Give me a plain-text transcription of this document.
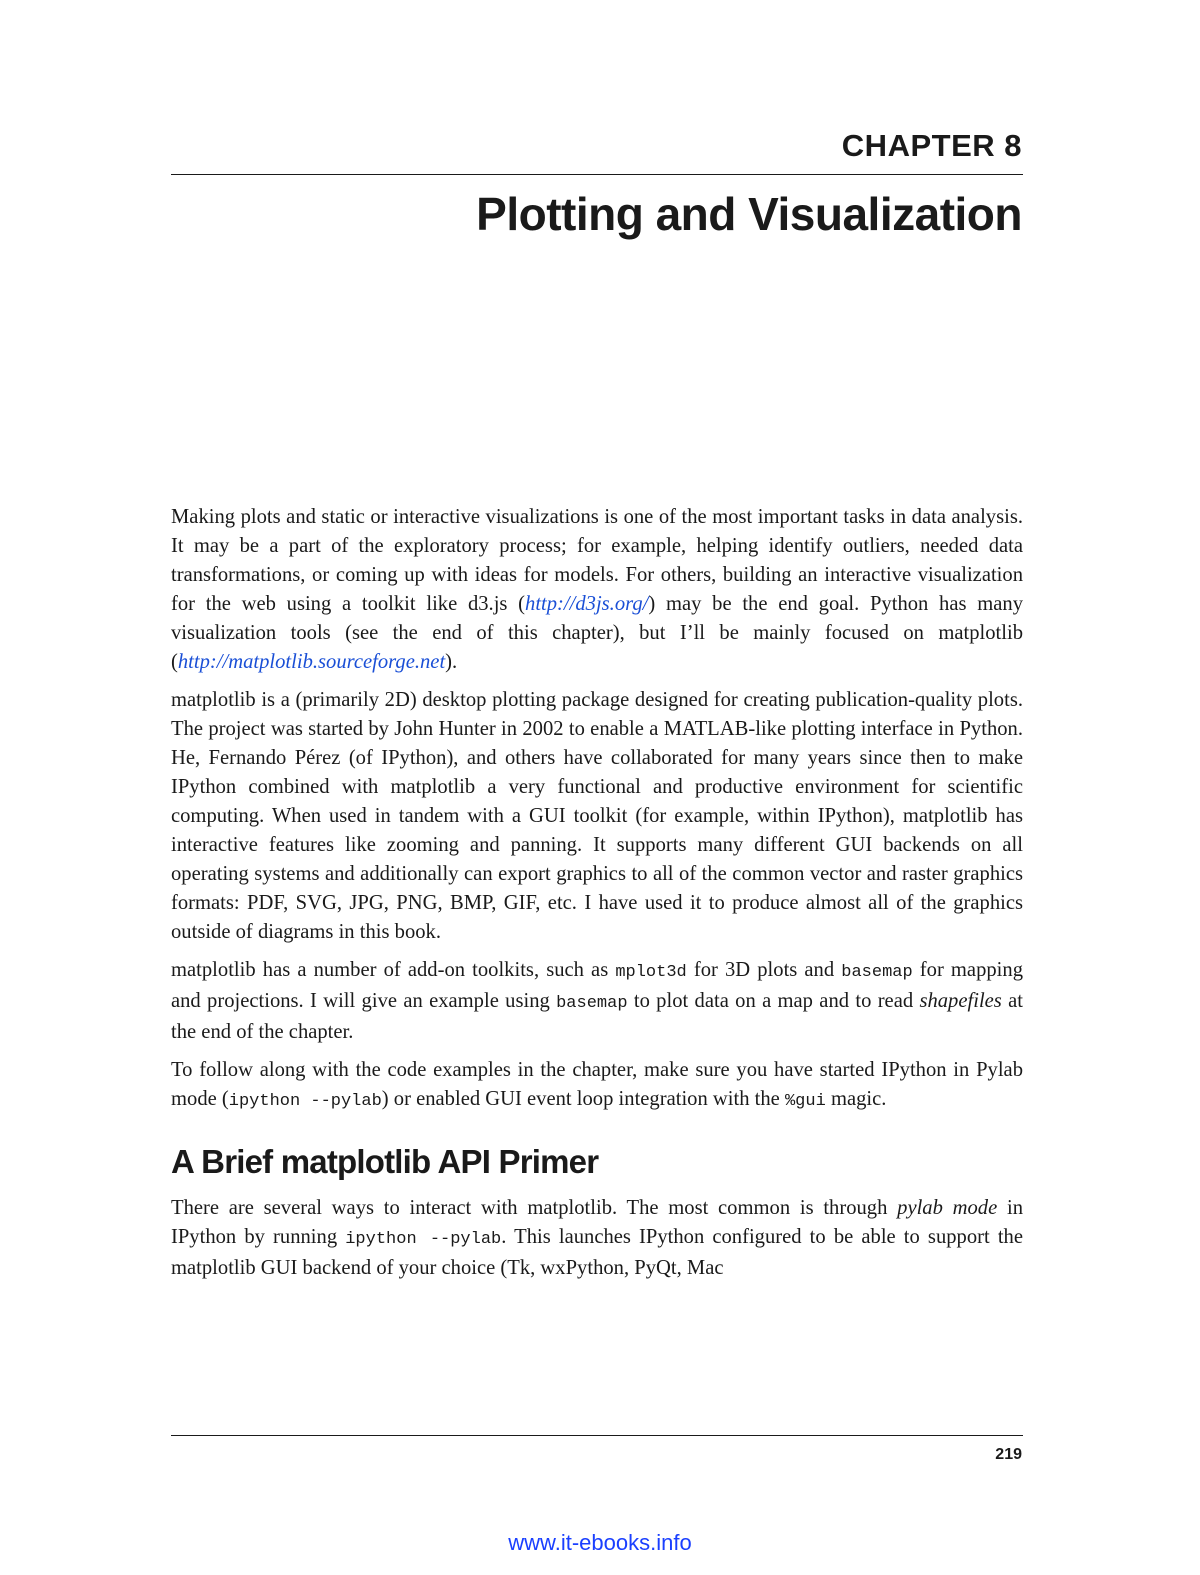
CHAPTER 8
Plotting and Visualization

Making plots and static or interactive visualizations is one of the most important tasks in data analysis. It may be a part of the exploratory process; for example, helping identify outliers, needed data transformations, or coming up with ideas for models. For others, building an interactive visualization for the web using a toolkit like d3.js (http://d3js.org/) may be the end goal. Python has many visualization tools (see the end of this chapter), but I’ll be mainly focused on matplotlib (http://matplotlib.sourceforge.net).

matplotlib is a (primarily 2D) desktop plotting package designed for creating publication-quality plots. The project was started by John Hunter in 2002 to enable a MATLAB-like plotting interface in Python. He, Fernando Pérez (of IPython), and others have collaborated for many years since then to make IPython combined with matplotlib a very functional and productive environment for scientific computing. When used in tandem with a GUI toolkit (for example, within IPython), matplotlib has interactive features like zooming and panning. It supports many different GUI backends on all operating systems and additionally can export graphics to all of the common vector and raster graphics formats: PDF, SVG, JPG, PNG, BMP, GIF, etc. I have used it to produce almost all of the graphics outside of diagrams in this book.

matplotlib has a number of add-on toolkits, such as mplot3d for 3D plots and basemap for mapping and projections. I will give an example using basemap to plot data on a map and to read shapefiles at the end of the chapter.

To follow along with the code examples in the chapter, make sure you have started IPython in Pylab mode (ipython --pylab) or enabled GUI event loop integration with the %gui magic.

A Brief matplotlib API Primer

There are several ways to interact with matplotlib. The most common is through pylab mode in IPython by running ipython --pylab. This launches IPython configured to be able to support the matplotlib GUI backend of your choice (Tk, wxPython, PyQt, Mac

219
www.it-ebooks.info
